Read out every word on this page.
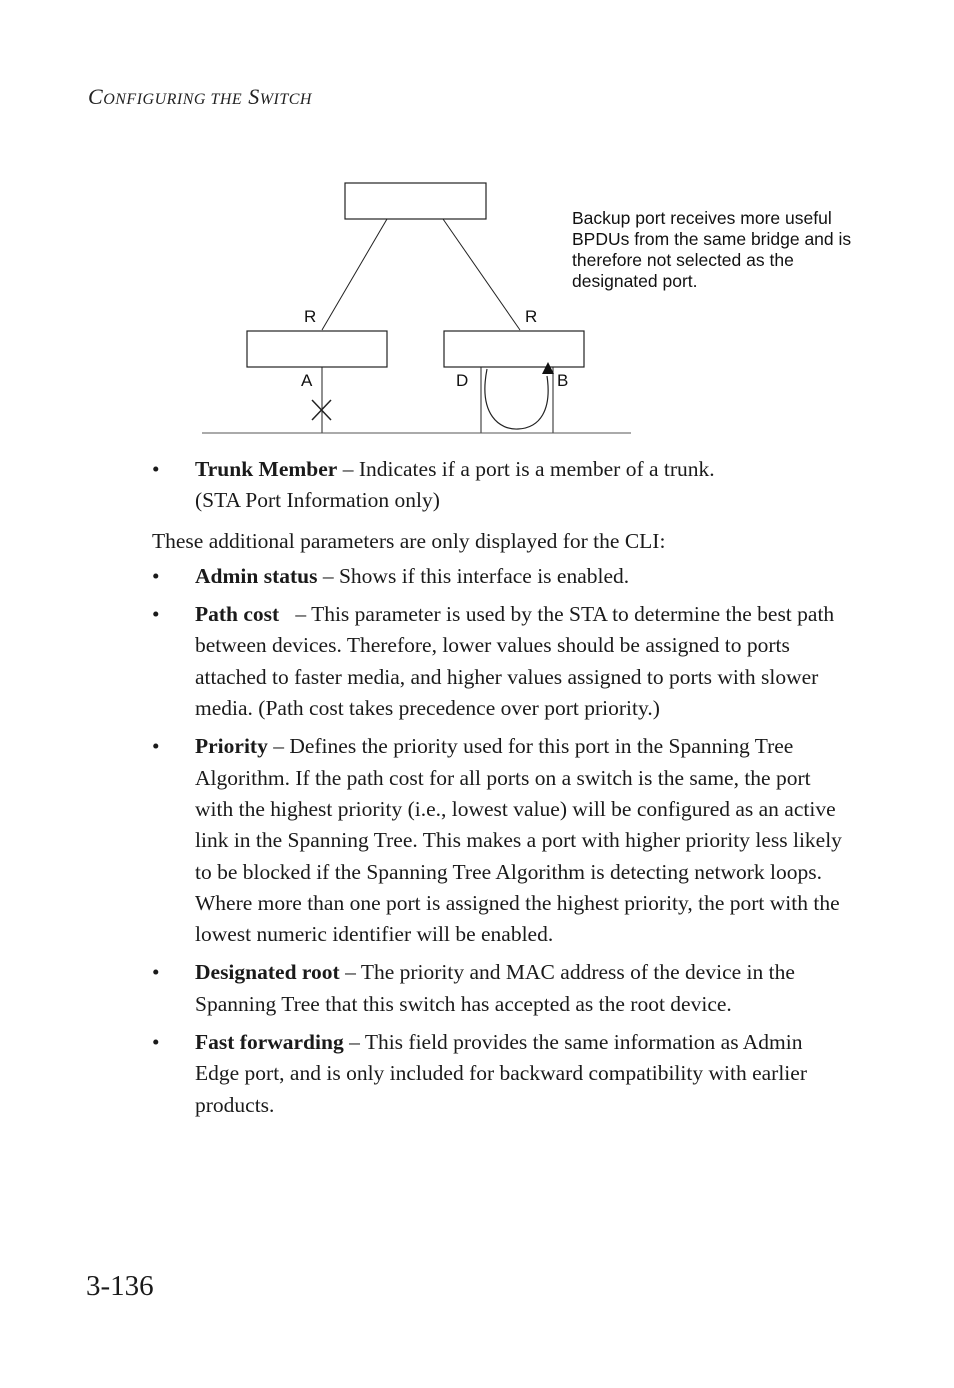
CONFIGURING THE SWITCH
R	R
A	D	B
Backup port receives more useful BPDUs from the same bridge and is therefore not selected as the designated port.
• Trunk Member – Indicates if a port is a member of a trunk.
(STA Port Information only)
These additional parameters are only displayed for the CLI:
• Admin status – Shows if this interface is enabled.
• Path cost   – This parameter is used by the STA to determine the best path between devices. Therefore, lower values should be assigned to ports attached to faster media, and higher values assigned to ports with slower media. (Path cost takes precedence over port priority.)
• Priority – Defines the priority used for this port in the Spanning Tree Algorithm. If the path cost for all ports on a switch is the same, the port with the highest priority (i.e., lowest value) will be configured as an active link in the Spanning Tree. This makes a port with higher priority less likely to be blocked if the Spanning Tree Algorithm is detecting network loops. Where more than one port is assigned the highest priority, the port with the lowest numeric identifier will be enabled.
• Designated root – The priority and MAC address of the device in the Spanning Tree that this switch has accepted as the root device.
• Fast forwarding – This field provides the same information as Admin Edge port, and is only included for backward compatibility with earlier products.
3-136
